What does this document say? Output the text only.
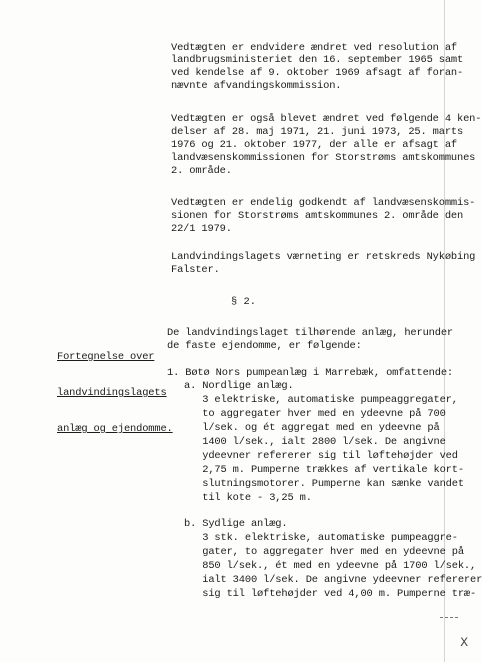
Vedtægten er endvidere ændret ved resolution af
landbrugsministeriet den 16. september 1965 samt
ved kendelse af 9. oktober 1969 afsagt af foran-
nævnte afvandingskommission.
Vedtægten er også blevet ændret ved følgende 4 ken-
delser af 28. maj 1971, 21. juni 1973, 25. marts
1976 og 21. oktober 1977, der alle er afsagt af
landvæsenskommissionen for Storstrøms amtskommunes
2. område.
Vedtægten er endelig godkendt af landvæsenskommis-
sionen for Storstrøms amtskommunes 2. område den
22/1 1979.
Landvindingslagets værneting er retskreds Nykøbing
Falster.
§ 2.

Fortegnelse over

landvindingslagets

anlæg og ejendomme.

De landvindingslaget tilhørende anlæg, herunder
de faste ejendomme, er følgende:
1. Bøtø Nors pumpeanlæg i Marrebæk, omfattende:
a. Nordlige anlæg.
3 elektriske, automatiske pumpeaggregater,
to aggregater hver med en ydeevne på 700
l/sek. og ét aggregat med en ydeevne på
1400 l/sek., ialt 2800 l/sek. De angivne
ydeevner refererer sig til løftehøjder ved
2,75 m. Pumperne trækkes af vertikale kort-
slutningsmotorer. Pumperne kan sænke vandet
til kote - 3,25 m.
b. Sydlige anlæg.
3 stk. elektriske, automatiske pumpeaggre-
gater, to aggregater hver med en ydeevne på
850 l/sek., ét med en ydeevne på 1700 l/sek.,
ialt 3400 l/sek. De angivne ydeevner refererer
sig til løftehøjder ved 4,00 m. Pumperne træ-
X
